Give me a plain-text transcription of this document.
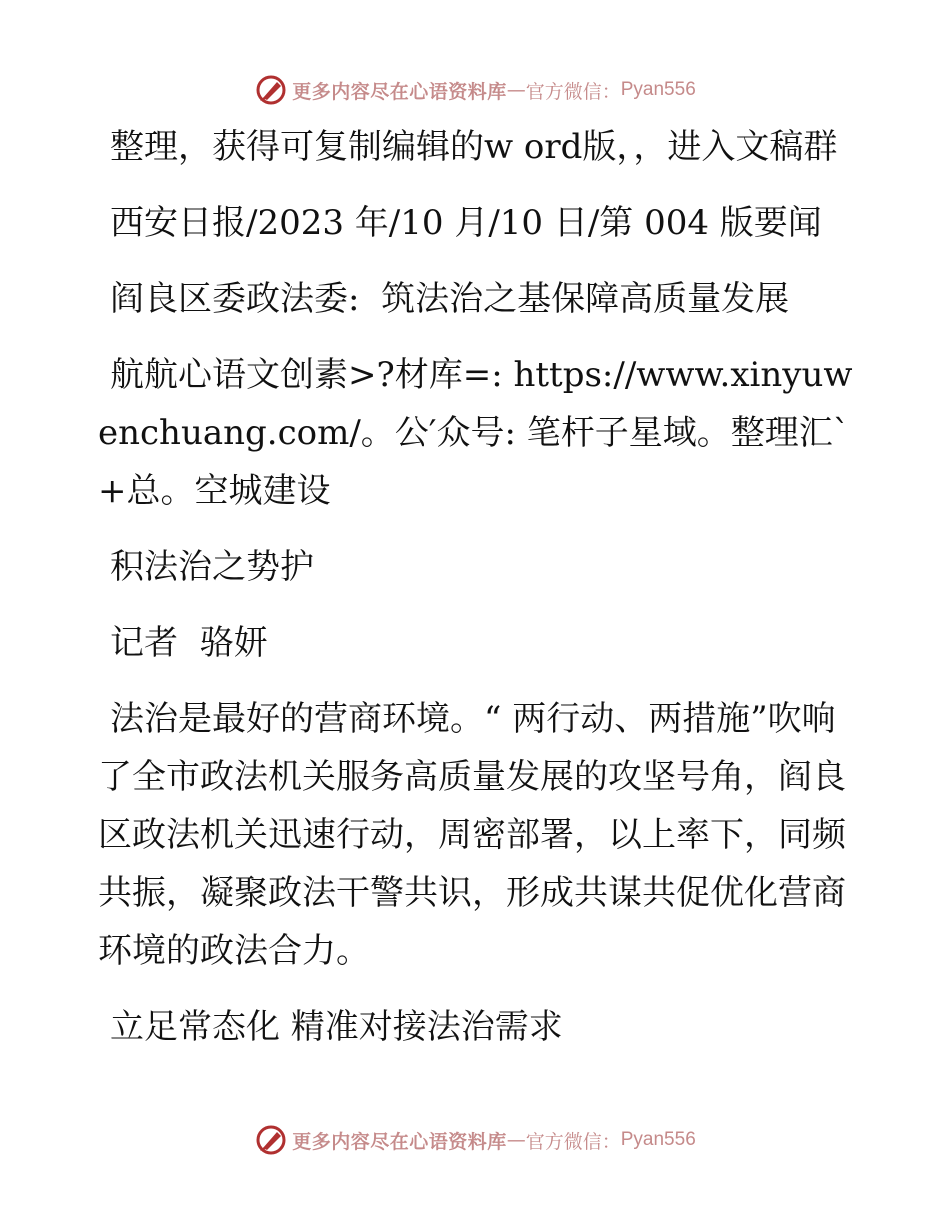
更多内容尽在心语资料库 — 官方微信： Pyan556

整理，获得可复制编辑的w ord版，，进入文稿群

西安日报/2023 年/10 月/10 日/第 004 版要闻

阎良区委政法委:  筑法治之基保障高质量发展

航航心语文创素>?材库=: https://www.xinyuwenchuang.com/。公′众号: 笔杆子星域。整理汇`+总。空城建设

积法治之势护

记者  骆妍

法治是最好的营商环境。“ 两行动、两措施”吹响了全市政法机关服务高质量发展的攻坚号角，阎良区政法机关迅速行动，周密部署，以上率下，同频共振，凝聚政法干警共识，形成共谋共促优化营商环境的政法合力。

立足常态化 精准对接法治需求

更多内容尽在心语资料库 — 官方微信： Pyan556
